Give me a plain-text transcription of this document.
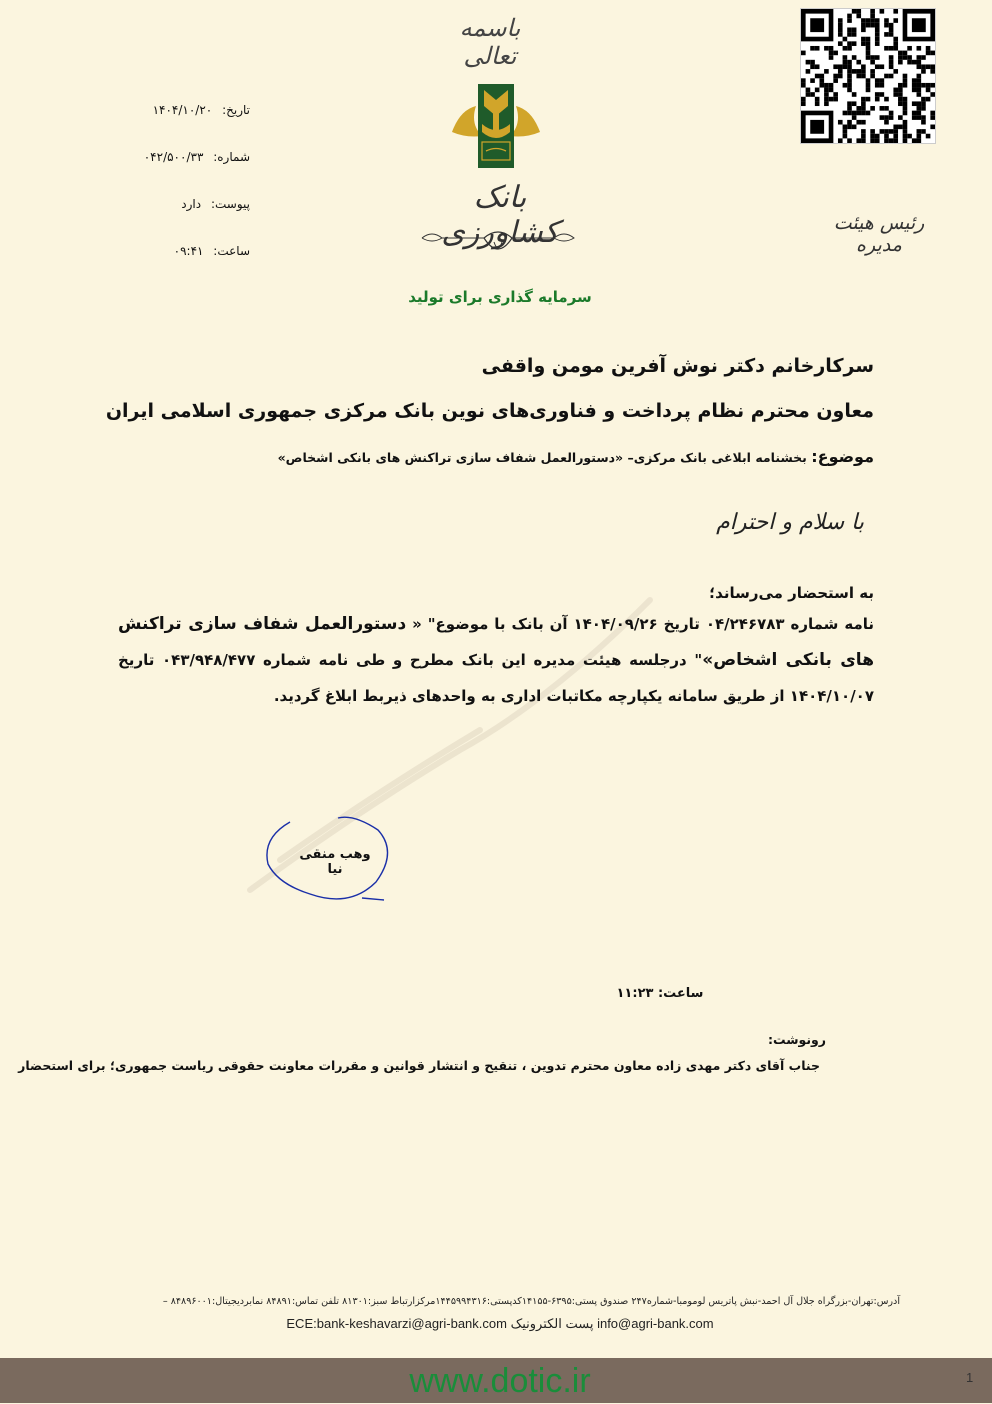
باسمه تعالی
بانک کشاورزی	رئیس هیئت مدیره
تاریخ: ۱۴۰۴/۱۰/۲۰
شماره: ۰۴۲/۵۰۰/۳۳
پیوست: دارد
ساعت: ۰۹:۴۱
سرمایه گذاری برای تولید
سرکارخانم دکتر نوش آفرین مومن واقفی
معاون محترم نظام پرداخت و فناوری‌های نوین بانک مرکزی جمهوری اسلامی ایران
موضوع: بخشنامه ابلاغی بانک مرکزی– «دستورالعمل شفاف سازی تراکنش های بانکی اشخاص»
با سلام و احترام
به استحضار می‌رساند؛
نامه شماره ۰۴/۲۴۶۷۸۳ تاریخ ۱۴۰۴/۰۹/۲۶ آن بانک با موضوع" « دستورالعمل شفاف سازی تراکنش های بانکی اشخاص»" درجلسه هیئت مدیره این بانک مطرح و طی نامه شماره ۰۴۳/۹۴۸/۴۷۷ تاریخ ۱۴۰۴/۱۰/۰۷ از طریق سامانه یکپارچه مکاتبات اداری به واحدهای ذیربط ابلاغ گردید.
وهب منقی نیا
ساعت: ۱۱:۲۳
رونوشت:
جناب آقای دکتر مهدی زاده معاون محترم تدوین ، تنقیح و انتشار قوانین و مقررات معاونت حقوقی ریاست جمهوری؛ برای استحضار
آدرس:تهران-بزرگراه جلال آل احمد-نبش پاتریس لومومبا-شماره۲۴۷ صندوق پستی:۶۳۹۵-۱۴۱۵۵کدپستی:۱۴۴۵۹۹۴۳۱۶مرکزارتباط سبز:۸۱۳۰۱ تلفن تماس:۸۴۸۹۱ نمابردیجیتال:۸۴۸۹۶۰۰۱ –
info@agri-bank.com پست الکترونیک ECE:bank-keshavarzi@agri-bank.com
www.dotic.ir	1
